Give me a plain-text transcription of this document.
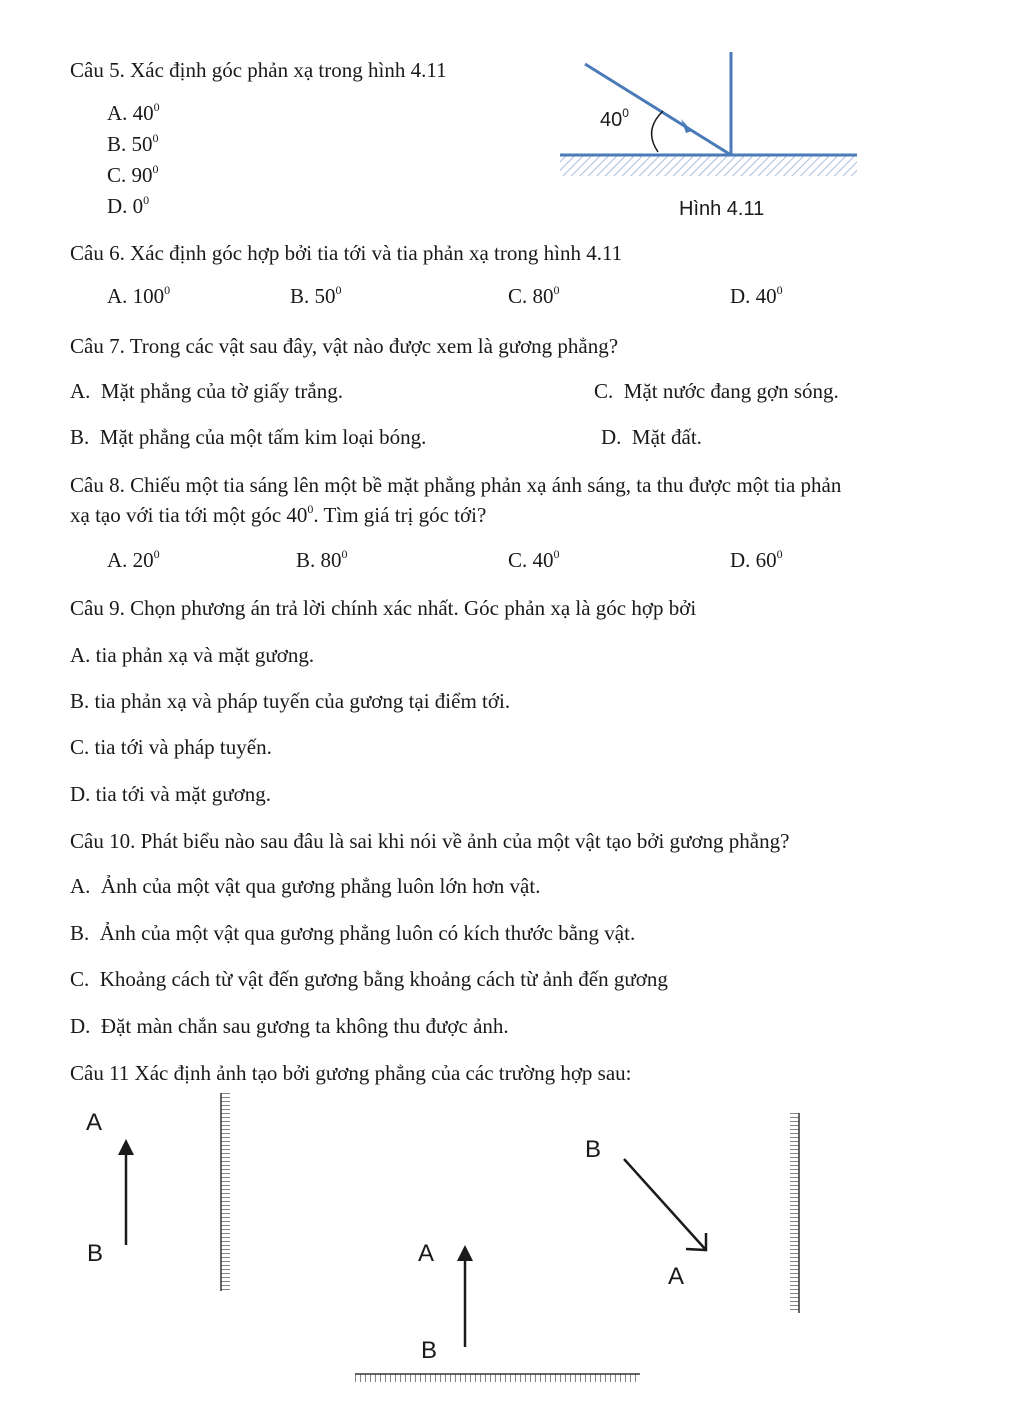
Câu 5. Xác định góc phản xạ trong hình 4.11
A. $40^0$
B. $50^0$
C. $90^0$
D. $0^0$
$40^0$
Hình 4.11
Câu 6. Xác định góc hợp bởi tia tới và tia phản xạ trong hình 4.11
A. $100^0$	B. $50^0$	C. $80^0$	D. $40^0$
Câu 7. Trong các vật sau đây, vật nào được xem là gương phẳng?
A. Mặt phẳng của tờ giấy trắng.	C. Mặt nước đang gợn sóng.
B. Mặt phẳng của một tấm kim loại bóng.	D. Mặt đất.
Câu 8. Chiếu một tia sáng lên một bề mặt phẳng phản xạ ánh sáng, ta thu được một tia phản
xạ tạo với tia tới một góc $40^0$. Tìm giá trị góc tới?
A. $20^0$	B. $80^0$	C. $40^0$	D. $60^0$
Câu 9. Chọn phương án trả lời chính xác nhất. Góc phản xạ là góc hợp bởi
A. tia phản xạ và mặt gương.
B. tia phản xạ và pháp tuyến của gương tại điểm tới.
C. tia tới và pháp tuyến.
D. tia tới và mặt gương.
Câu 10. Phát biểu nào sau đâu là sai khi nói về ảnh của một vật tạo bởi gương phẳng?
A. Ảnh của một vật qua gương phẳng luôn lớn hơn vật.
B. Ảnh của một vật qua gương phẳng luôn có kích thước bằng vật.
C. Khoảng cách từ vật đến gương bằng khoảng cách từ ảnh đến gương
D. Đặt màn chắn sau gương ta không thu được ảnh.
Câu 11 Xác định ảnh tạo bởi gương phẳng của các trường hợp sau:
A
B	A
B
B
A
